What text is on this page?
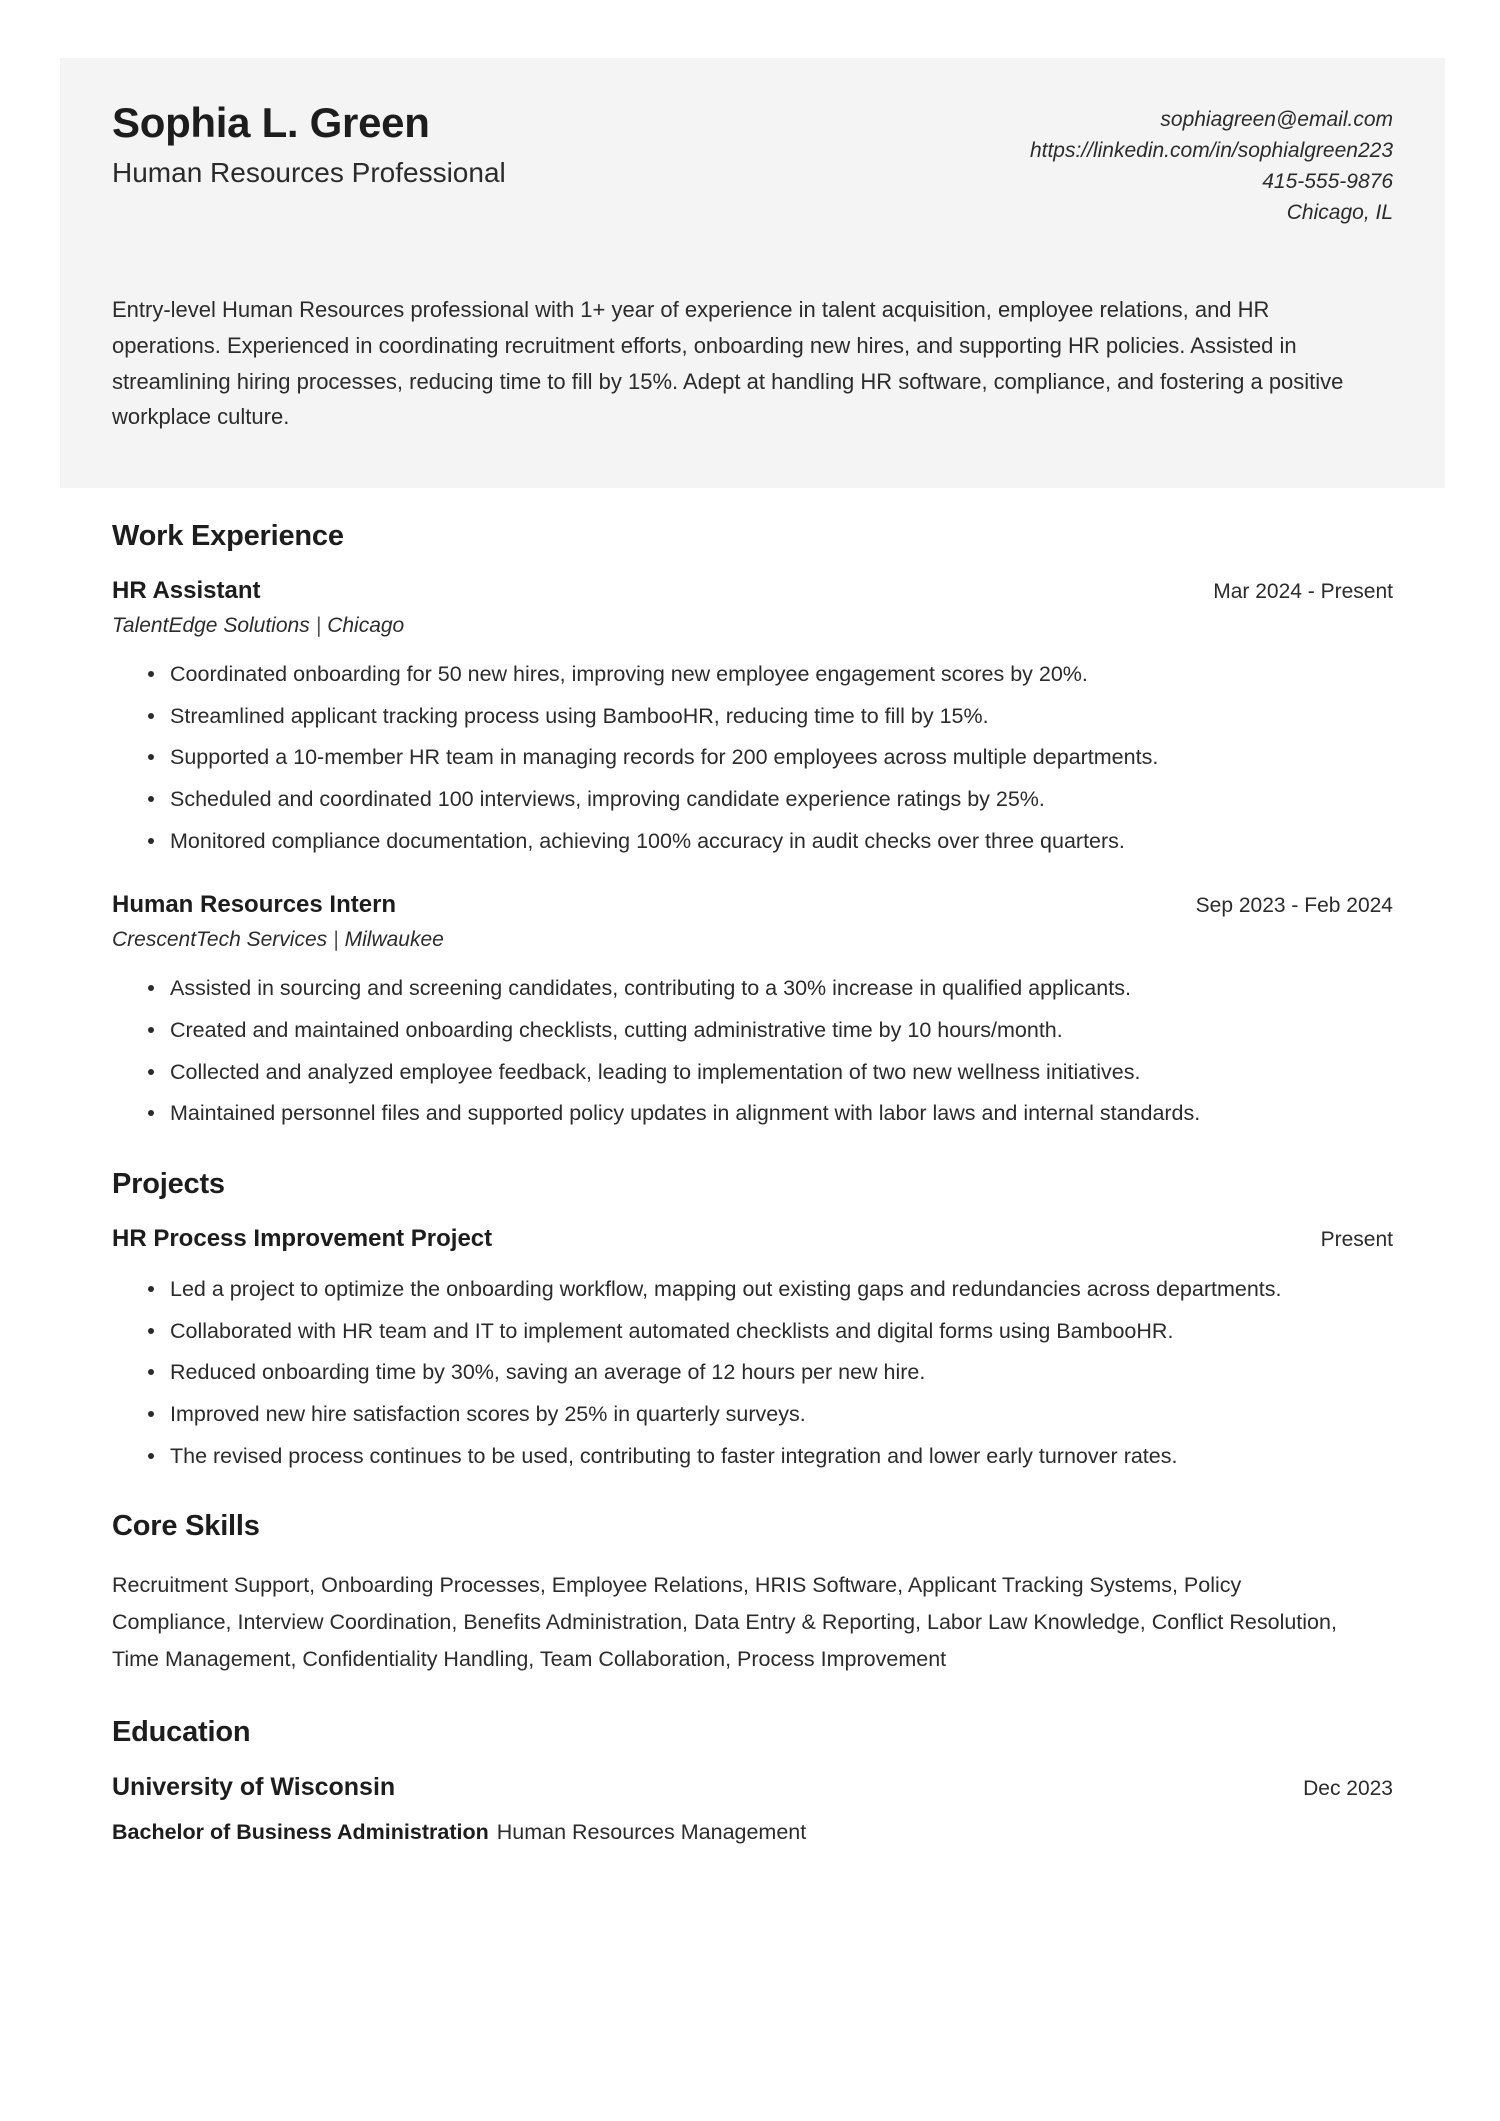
Sophia L. Green
Human Resources Professional
sophiagreen@email.com
https://linkedin.com/in/sophialgreen223
415-555-9876
Chicago, IL
Entry-level Human Resources professional with 1+ year of experience in talent acquisition, employee relations, and HR operations. Experienced in coordinating recruitment efforts, onboarding new hires, and supporting HR policies. Assisted in streamlining hiring processes, reducing time to fill by 15%. Adept at handling HR software, compliance, and fostering a positive workplace culture.
Work Experience
HR Assistant	Mar 2024 - Present
TalentEdge Solutions | Chicago
Coordinated onboarding for 50 new hires, improving new employee engagement scores by 20%.
Streamlined applicant tracking process using BambooHR, reducing time to fill by 15%.
Supported a 10-member HR team in managing records for 200 employees across multiple departments.
Scheduled and coordinated 100 interviews, improving candidate experience ratings by 25%.
Monitored compliance documentation, achieving 100% accuracy in audit checks over three quarters.
Human Resources Intern	Sep 2023 - Feb 2024
CrescentTech Services | Milwaukee
Assisted in sourcing and screening candidates, contributing to a 30% increase in qualified applicants.
Created and maintained onboarding checklists, cutting administrative time by 10 hours/month.
Collected and analyzed employee feedback, leading to implementation of two new wellness initiatives.
Maintained personnel files and supported policy updates in alignment with labor laws and internal standards.
Projects
HR Process Improvement Project	Present
Led a project to optimize the onboarding workflow, mapping out existing gaps and redundancies across departments.
Collaborated with HR team and IT to implement automated checklists and digital forms using BambooHR.
Reduced onboarding time by 30%, saving an average of 12 hours per new hire.
Improved new hire satisfaction scores by 25% in quarterly surveys.
The revised process continues to be used, contributing to faster integration and lower early turnover rates.
Core Skills
Recruitment Support, Onboarding Processes, Employee Relations, HRIS Software, Applicant Tracking Systems, Policy Compliance, Interview Coordination, Benefits Administration, Data Entry & Reporting, Labor Law Knowledge, Conflict Resolution, Time Management, Confidentiality Handling, Team Collaboration, Process Improvement
Education
University of Wisconsin	Dec 2023
Bachelor of Business Administration Human Resources Management
